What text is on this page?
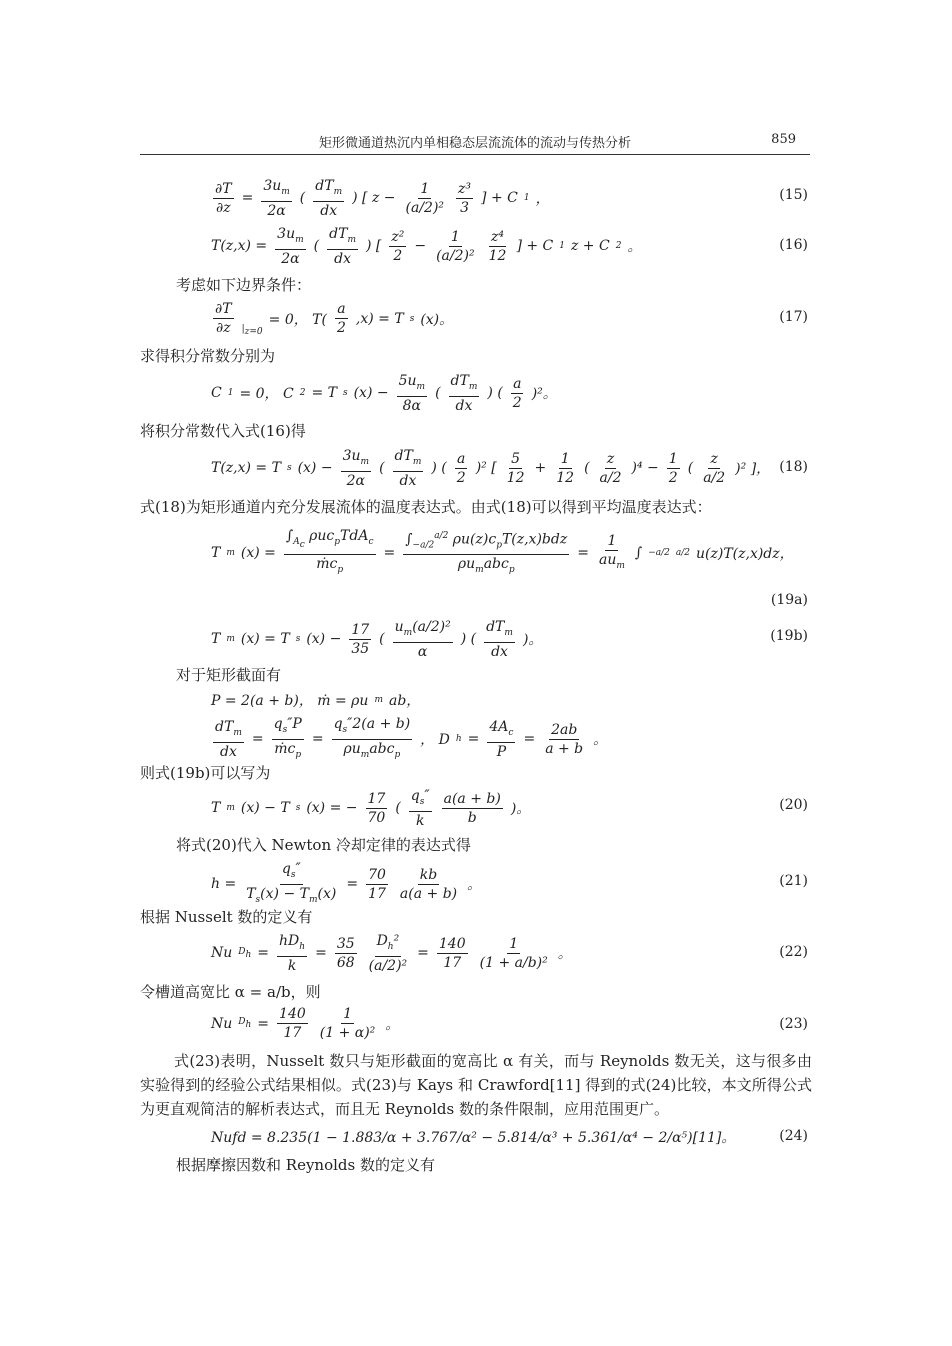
矩形微通道热沉内单相稳态层流流体的流动与传热分析	859
$\frac{\partial T}{\partial z} = \frac{3u_m}{2\alpha}$ ( $\frac{dT_m}{dx}$ ) [ $z - \frac{1}{\text{(a/2)²}} \frac{\text{z³}}{3}$ ] + C 1 ，	(15)
$T(z,x) = \frac{3u_m}{2\alpha}$ ( $\frac{dT_m}{dx}$ ) [ $\frac{\text{z²}}{2} - \frac{1}{\text{(a/2)²}} \frac{\text{z⁴}}{12}$ ] + C 1 z + C 2 。	(16)
考虑如下边界条件：
$\frac{\partial T}{\partial z} |_{z=0}$
= 0， $T( \frac{a}{2} ,x) = T$ s (x)。	(17)
求得积分常数分别为
C 1 = 0， C 2 = T s $(x) - \frac{5u_m}{8\alpha}$ ( $\frac{dT_m}{dx}$ ) ( $\frac{a}{2} )^2$。
将积分常数代入式(16)得
T(z,x) = T s $(x) - \frac{3u_m}{2\alpha}$ ( $\frac{dT_m}{dx}$ ) ( $\frac{a}{2} )^2$ [ $\frac{5}{12} + \frac{1}{12}$ ( $\frac{z}{a/2} )^4 - \frac{1}{2}$ ( $\frac{z}{a/2} )^2$ ]， (18)
式(18)为矩形通道内充分发展流体的温度表达式。由式(18)可以得到平均温度表达式：
T m $(x) = \frac{\int_{A_c} \rho uc_pTdA_c}{ṁc_p} = \frac{\int_{-a/2}^{a/2} \rho u(z)c_pT(z,x)bdz}{\rho u_mabc_p} = \frac{1}{au_m}$ ∫ −a/2 a/2 u(z)T(z,x)dz，
(19a)
T m (x) = T s $(x) - \frac{17}{35}$ ( $\frac{u_m(a/2)^2}{\alpha}$ ) ( $\frac{dT_m}{dx}$ )。	(19b)
对于矩形截面有
P = 2(a + b)， ṁ = ρu m ab，
$\frac{dT_m}{dx} = \frac{q_s''P}{ṁc_p} = \frac{q_s''2(a + b)}{\rho u_mabc_p}$ ， D $h = \frac{4A_c}{P} = \frac{2ab}{a + b}$ 。
则式(19b)可以写为
T m (x) − T s (x) = − $\frac{17}{70}$ ( $\frac{q_s''}{k} \frac{a(a + b)}{b}$ )。	(20)
将式(20)代入 Newton 冷却定律的表达式得
$h = \frac{q_s''}{T_s(x) - T_m(x)} = \frac{70}{17} \frac{kb}{a(a + b)}$ 。	(21)
根据 Nusselt 数的定义有
Nu $D_h = \frac{hD_h}{k} = \frac{35}{68} \frac{D_h^2}{\text{(a/2)²}} = \frac{140}{17} \frac{1}{\text{(1 + a/b)²}}$ 。	(22)
令槽道高宽比 α = a/b，则
Nu $D_h = \frac{140}{17} \frac{1}{\text{(1 + α)²}}$ 。	(23)
式(23)表明，Nusselt 数只与矩形截面的宽高比 α 有关，而与 Reynolds 数无关，这与很多由实验得到的经验公式结果相似。式(23)与 Kays 和 Crawford[11] 得到的式(24)比较，本文所得公式为更直观简洁的解析表达式，而且无 Reynolds 数的条件限制，应用范围更广。
Nufd = 8.235(1 − 1.883/α + 3.767/α² − 5.814/α³ + 5.361/α⁴ − 2/α⁵)[11]。	(24)
根据摩擦因数和 Reynolds 数的定义有
